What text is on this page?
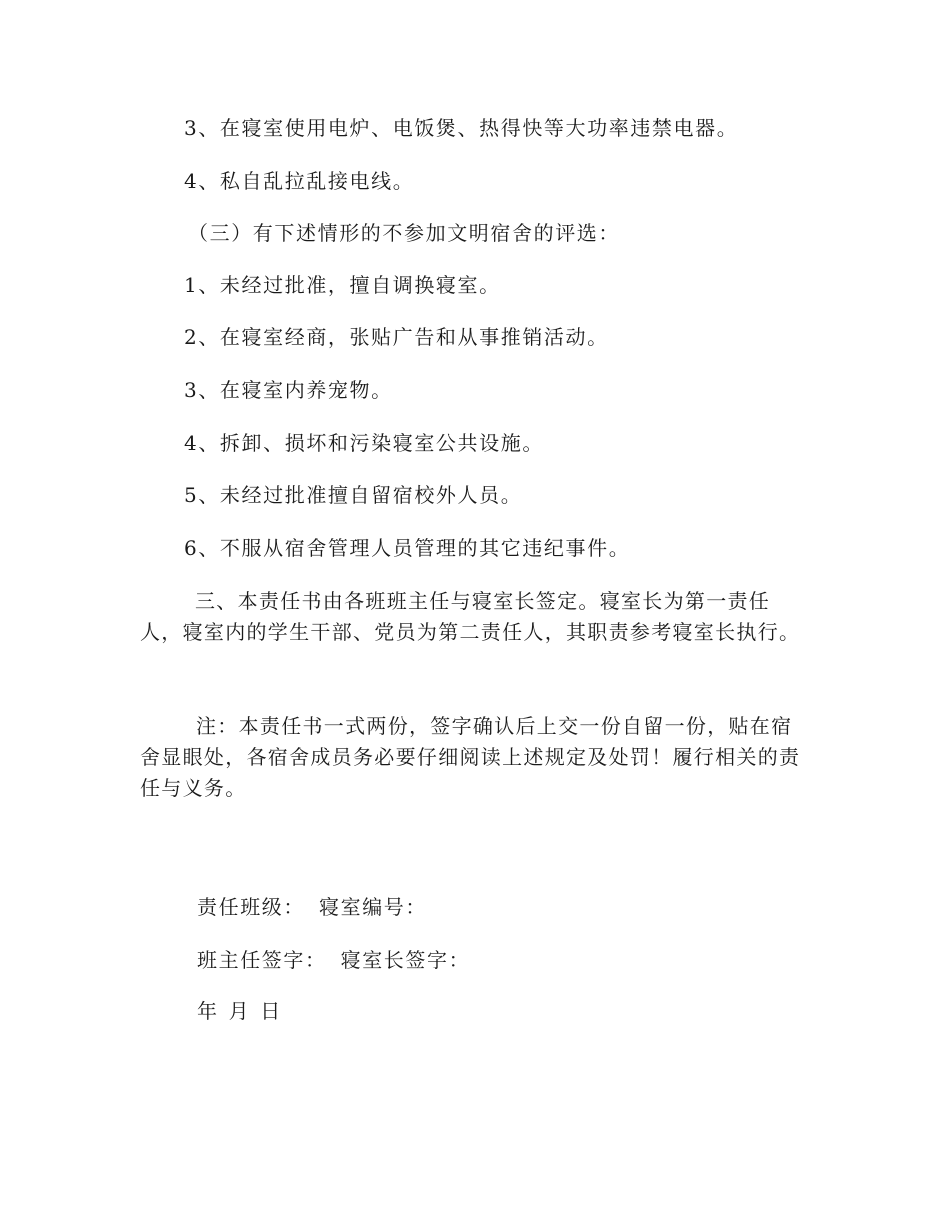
3、在寝室使用电炉、电饭煲、热得快等大功率违禁电器。
4、私自乱拉乱接电线。
（三）有下述情形的不参加文明宿舍的评选：
1、未经过批准，擅自调换寝室。
2、在寝室经商，张贴广告和从事推销活动。
3、在寝室内养宠物。
4、拆卸、损坏和污染寝室公共设施。
5、未经过批准擅自留宿校外人员。
6、不服从宿舍管理人员管理的其它违纪事件。
三、本责任书由各班班主任与寝室长签定。寝室长为第一责任人，寝室内的学生干部、党员为第二责任人，其职责参考寝室长执行。
注：本责任书一式两份，签字确认后上交一份自留一份，贴在宿舍显眼处，各宿舍成员务必要仔细阅读上述规定及处罚！履行相关的责任与义务。
责任班级： 寝室编号：
班主任签字： 寝室长签字：
年 月 日
